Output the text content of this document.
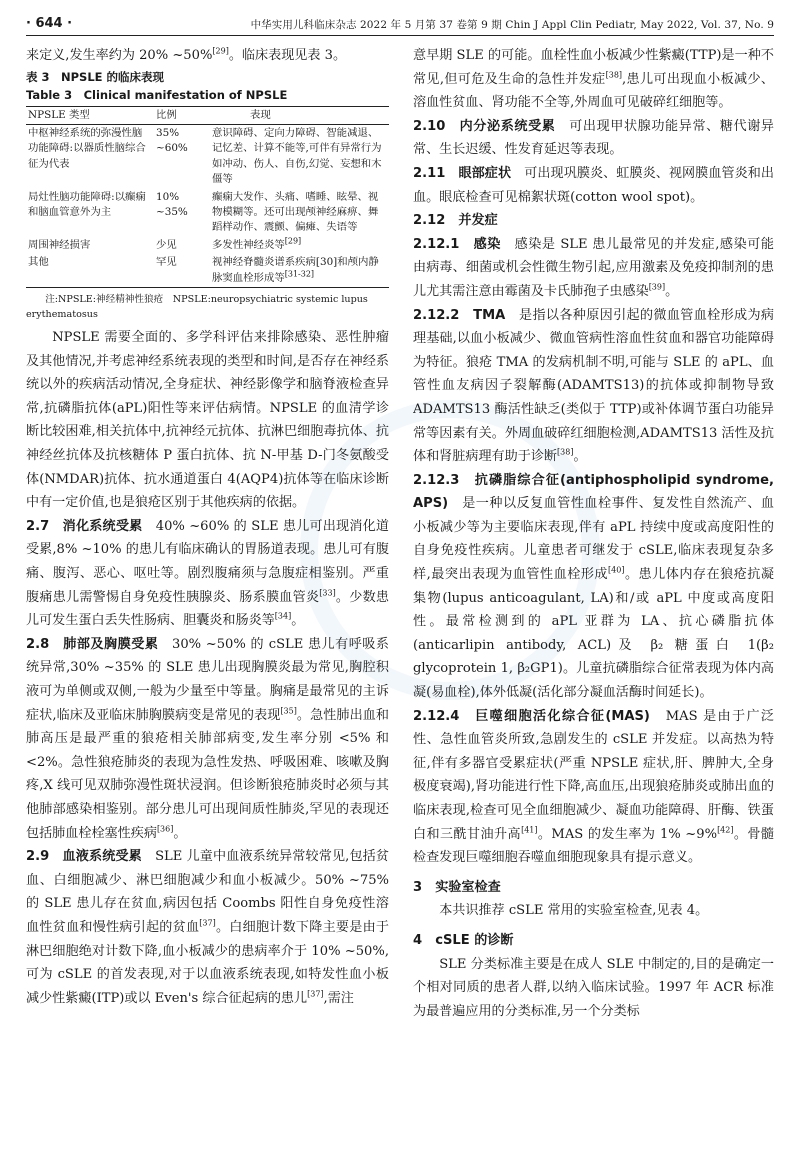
· 644 ·	中华实用儿科临床杂志 2022 年 5 月第 37 卷第 9 期 Chin J Appl Clin Pediatr, May 2022, Vol. 37, No. 9

来定义,发生率约为 20% ~50%[29]。临床表现见表 3。

表 3　NPSLE 的临床表现
Table 3　Clinical manifestation of NPSLE
NPSLE 类型	比例	表现
中枢神经系统的弥漫性脑功能障碍:以器质性脑综合征为代表	35% ~60%	意识障碍、定向力障碍、智能减退、记忆差、计算不能等,可伴有异常行为如冲动、伤人、自伤,幻觉、妄想和木僵等
局灶性脑功能障碍:以癫痫和脑血管意外为主	10% ~35%	癫痫大发作、头痛、嗜睡、眩晕、视物模糊等。还可出现颅神经麻痹、舞蹈样动作、震颤、偏瘫、失语等
周围神经损害	少见	多发性神经炎等[29]
其他	罕见	视神经脊髓炎谱系疾病[30]和颅内静脉窦血栓形成等[31-32]
注:NPSLE:神经精神性狼疮　NPSLE:neuropsychiatric systemic lupus erythematosus

NPSLE 需要全面的、多学科评估来排除感染、恶性肿瘤及其他情况,并考虑神经系统表现的类型和时间,是否存在神经系统以外的疾病活动情况,全身症状、神经影像学和脑脊液检查异常,抗磷脂抗体(aPL)阳性等来评估病情。NPSLE 的血清学诊断比较困难,相关抗体中,抗神经元抗体、抗淋巴细胞毒抗体、抗神经丝抗体及抗核糖体 P 蛋白抗体、抗 N-甲基 D-门冬氨酸受体(NMDAR)抗体、抗水通道蛋白 4(AQP4)抗体等在临床诊断中有一定价值,也是狼疮区别于其他疾病的依据。

2.7　消化系统受累　 40% ~60% 的 SLE 患儿可出现消化道受累,8% ~10% 的患儿有临床确认的胃肠道表现。患儿可有腹痛、腹泻、恶心、呕吐等。剧烈腹痛须与急腹症相鉴别。严重腹痛患儿需警惕自身免疫性胰腺炎、肠系膜血管炎[33]。少数患儿可发生蛋白丢失性肠病、胆囊炎和肠炎等[34]。

2.8　肺部及胸膜受累　 30% ~50% 的 cSLE 患儿有呼吸系统异常,30% ~35% 的 SLE 患儿出现胸膜炎最为常见,胸腔积液可为单侧或双侧,一般为少量至中等量。胸痛是最常见的主诉症状,临床及亚临床肺胸膜病变是常见的表现[35]。急性肺出血和肺高压是最严重的狼疮相关肺部病变,发生率分别 <5% 和 <2%。急性狼疮肺炎的表现为急性发热、呼吸困难、咳嗽及胸疼,X 线可见双肺弥漫性斑状浸润。但诊断狼疮肺炎时必须与其他肺部感染相鉴别。部分患儿可出现间质性肺炎,罕见的表现还包括肺血栓栓塞性疾病[36]。

2.9　血液系统受累　 SLE 儿童中血液系统异常较常见,包括贫血、白细胞减少、淋巴细胞减少和血小板减少。50% ~75% 的 SLE 患儿存在贫血,病因包括 Coombs 阳性自身免疫性溶血性贫血和慢性病引起的贫血[37]。白细胞计数下降主要是由于淋巴细胞绝对计数下降,血小板减少的患病率介于 10% ~50%,可为 cSLE 的首发表现,对于以血液系统表现,如特发性血小板减少性紫癜(ITP)或以 Even's 综合征起病的患儿[37],需注

意早期 SLE 的可能。血栓性血小板减少性紫癜(TTP)是一种不常见,但可危及生命的急性并发症[38],患儿可出现血小板减少、溶血性贫血、肾功能不全等,外周血可见破碎红细胞等。

2.10　内分泌系统受累　 可出现甲状腺功能异常、糖代谢异常、生长迟缓、性发育延迟等表现。

2.11　眼部症状　 可出现巩膜炎、虹膜炎、视网膜血管炎和出血。眼底检查可见棉絮状斑(cotton wool spot)。

2.12　并发症

2.12.1　感染　 感染是 SLE 患儿最常见的并发症,感染可能由病毒、细菌或机会性微生物引起,应用激素及免疫抑制剂的患儿尤其需注意由霉菌及卡氏肺孢子虫感染[39]。

2.12.2　TMA　 是指以各种原因引起的微血管血栓形成为病理基础,以血小板减少、微血管病性溶血性贫血和器官功能障碍为特征。狼疮 TMA 的发病机制不明,可能与 SLE 的 aPL、血管性血友病因子裂解酶(ADAMTS13)的抗体或抑制物导致 ADAMTS13 酶活性缺乏(类似于 TTP)或补体调节蛋白功能异常等因素有关。外周血破碎红细胞检测,ADAMTS13 活性及抗体和肾脏病理有助于诊断[38]。

2.12.3　抗磷脂综合征(antiphospholipid syndrome, APS)　 是一种以反复血管性血栓事件、复发性自然流产、血小板减少等为主要临床表现,伴有 aPL 持续中度或高度阳性的自身免疫性疾病。儿童患者可继发于 cSLE,临床表现复杂多样,最突出表现为血管性血栓形成[40]。患儿体内存在狼疮抗凝集物(lupus anticoagulant, LA)和/或 aPL 中度或高度阳性。最常检测到的 aPL 亚群为 LA、抗心磷脂抗体(anticarlipin antibody, ACL)及 β₂ 糖蛋白 1(β₂ glycoprotein 1, β₂GP1)。儿童抗磷脂综合征常表现为体内高凝(易血栓),体外低凝(活化部分凝血活酶时间延长)。

2.12.4　巨噬细胞活化综合征(MAS)　 MAS 是由于广泛性、急性血管炎所致,急剧发生的 cSLE 并发症。以高热为特征,伴有多器官受累症状(严重 NPSLE 症状,肝、脾肿大,全身极度衰竭),肾功能进行性下降,高血压,出现狼疮肺炎或肺出血的临床表现,检查可见全血细胞减少、凝血功能障碍、肝酶、铁蛋白和三酰甘油升高[41]。MAS 的发生率为 1% ~9%[42]。骨髓检查发现巨噬细胞吞噬血细胞现象具有提示意义。

3　实验室检查

本共识推荐 cSLE 常用的实验室检查,见表 4。

4　cSLE 的诊断

SLE 分类标准主要是在成人 SLE 中制定的,目的是确定一个相对同质的患者人群,以纳入临床试验。1997 年 ACR 标准为最普遍应用的分类标准,另一个分类标
